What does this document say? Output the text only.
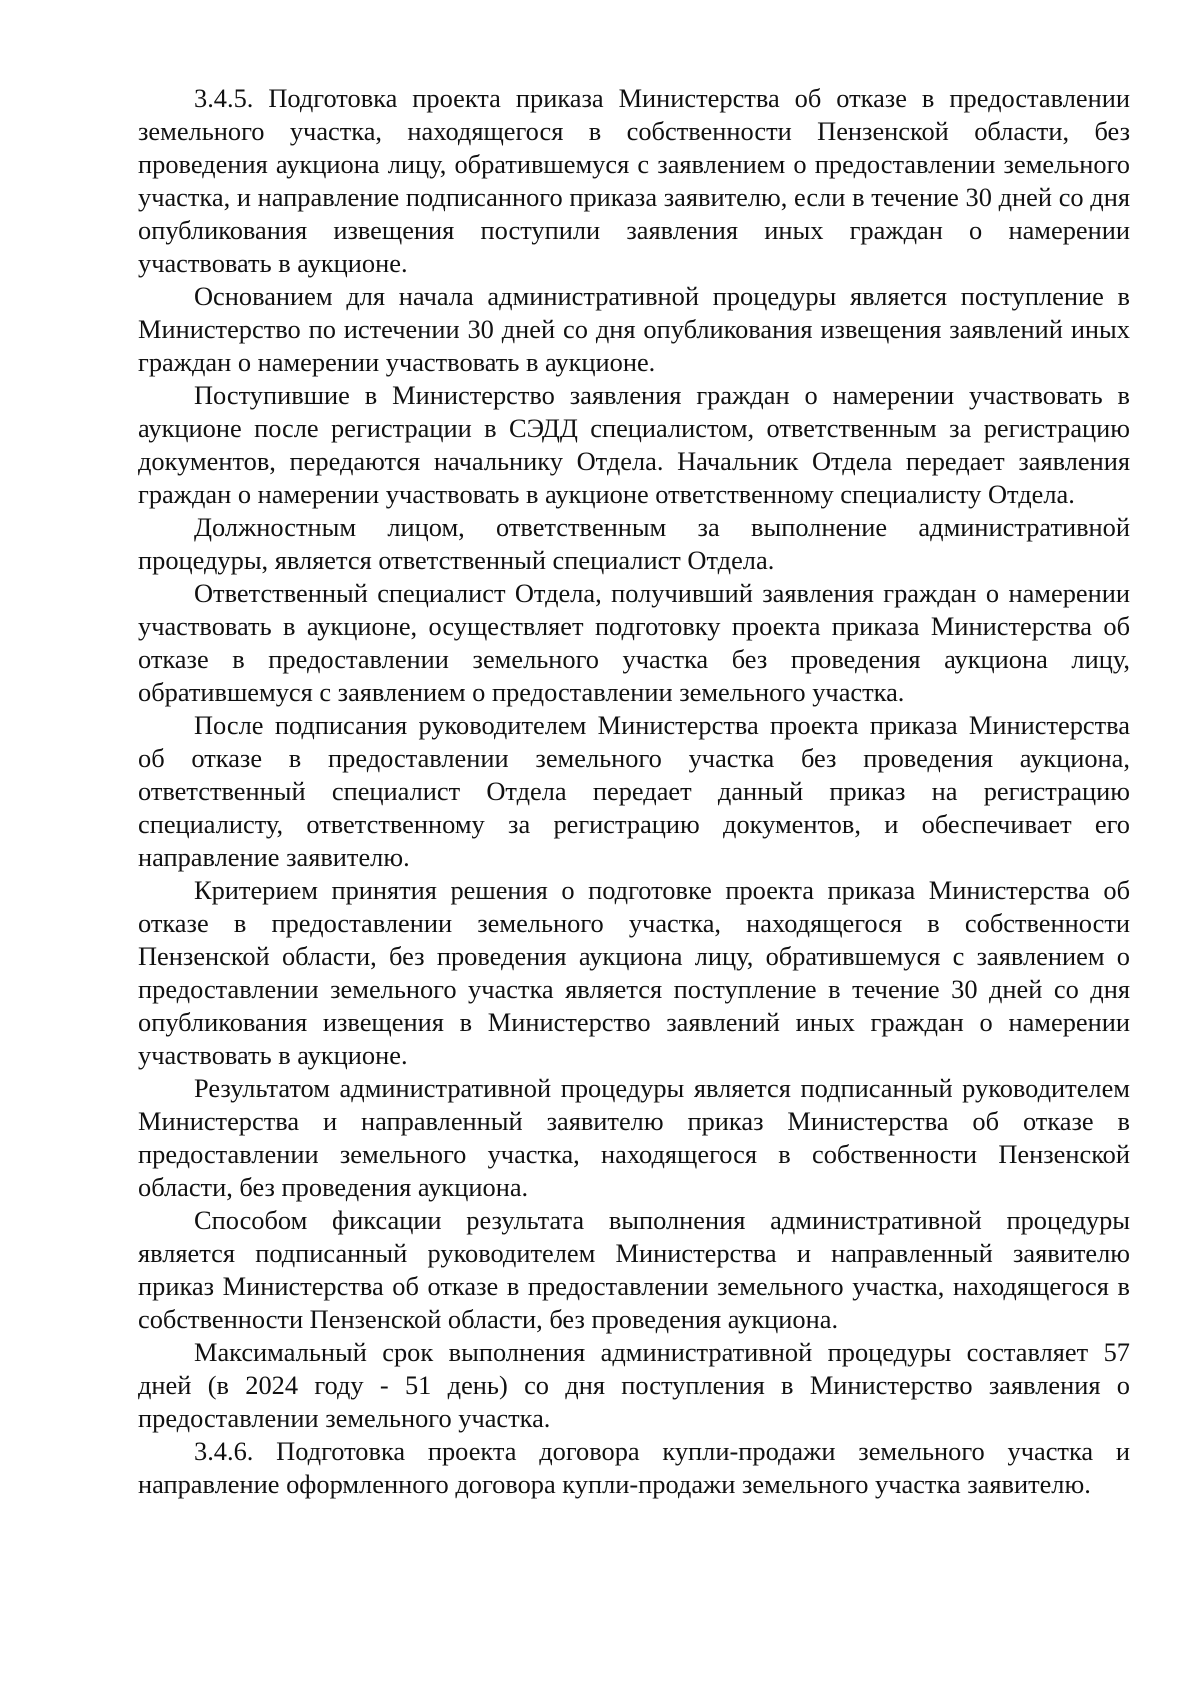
3.4.5. Подготовка проекта приказа Министерства об отказе в предоставлении земельного участка, находящегося в собственности Пензенской области, без проведения аукциона лицу, обратившемуся с заявлением о предоставлении земельного участка, и направление подписанного приказа заявителю, если в течение 30 дней со дня опубликования извещения поступили заявления иных граждан о намерении участвовать в аукционе.

Основанием для начала административной процедуры является поступление в Министерство по истечении 30 дней со дня опубликования извещения заявлений иных граждан о намерении участвовать в аукционе.

Поступившие в Министерство заявления граждан о намерении участвовать в аукционе после регистрации в СЭДД специалистом, ответственным за регистрацию документов, передаются начальнику Отдела. Начальник Отдела передает заявления граждан о намерении участвовать в аукционе ответственному специалисту Отдела.

Должностным лицом, ответственным за выполнение административной процедуры, является ответственный специалист Отдела.

Ответственный специалист Отдела, получивший заявления граждан о намерении участвовать в аукционе, осуществляет подготовку проекта приказа Министерства об отказе в предоставлении земельного участка без проведения аукциона лицу, обратившемуся с заявлением о предоставлении земельного участка.

После подписания руководителем Министерства проекта приказа Министерства об отказе в предоставлении земельного участка без проведения аукциона, ответственный специалист Отдела передает данный приказ на регистрацию специалисту, ответственному за регистрацию документов, и обеспечивает его направление заявителю.

Критерием принятия решения о подготовке проекта приказа Министерства об отказе в предоставлении земельного участка, находящегося в собственности Пензенской области, без проведения аукциона лицу, обратившемуся с заявлением о предоставлении земельного участка является поступление в течение 30 дней со дня опубликования извещения в Министерство заявлений иных граждан о намерении участвовать в аукционе.

Результатом административной процедуры является подписанный руководителем Министерства и направленный заявителю приказ Министерства об отказе в предоставлении земельного участка, находящегося в собственности Пензенской области, без проведения аукциона.

Способом фиксации результата выполнения административной процедуры является подписанный руководителем Министерства и направленный заявителю приказ Министерства об отказе в предоставлении земельного участка, находящегося в собственности Пензенской области, без проведения аукциона.

Максимальный срок выполнения административной процедуры составляет 57 дней (в 2024 году - 51 день) со дня поступления в Министерство заявления о предоставлении земельного участка.

3.4.6. Подготовка проекта договора купли-продажи земельного участка и направление оформленного договора купли-продажи земельного участка заявителю.
